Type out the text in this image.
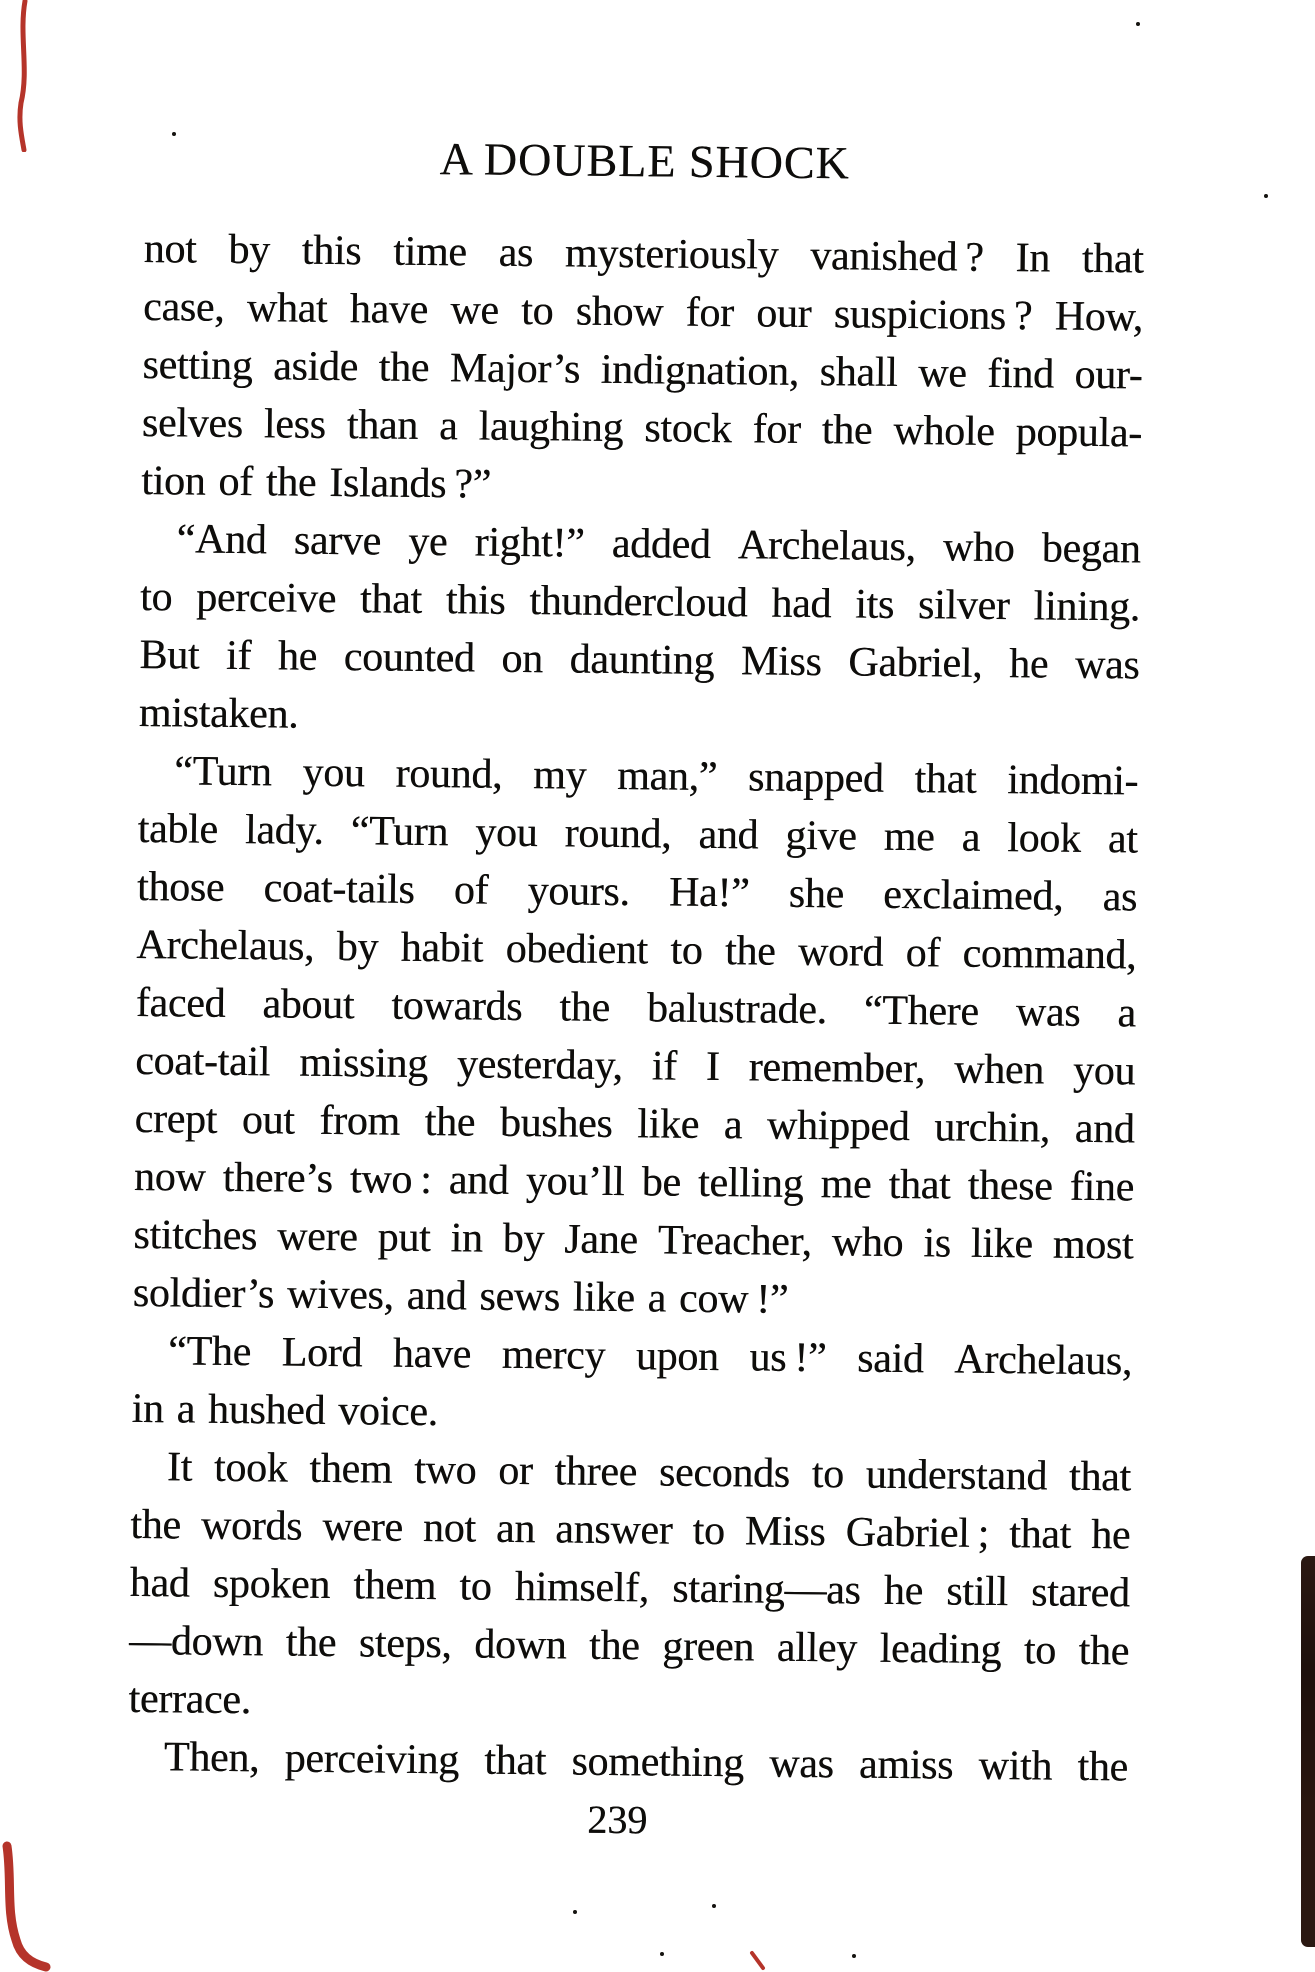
A DOUBLE SHOCK
not by this time as mysteriously vanished ? In that
case, what have we to show for our suspicions ? How,
setting aside the Major’s indignation, shall we find our-
selves less than a laughing stock for the whole popula-
tion of the Islands ?”
“And sarve ye right!” added Archelaus, who began
to perceive that this thundercloud had its silver lining.
But if he counted on daunting Miss Gabriel, he was
mistaken.
“Turn you round, my man,” snapped that indomi-
table lady. “Turn you round, and give me a look at
those coat-tails of yours. Ha!” she exclaimed, as
Archelaus, by habit obedient to the word of command,
faced about towards the balustrade. “There was a
coat-tail missing yesterday, if I remember, when you
crept out from the bushes like a whipped urchin, and
now there’s two : and you’ll be telling me that these fine
stitches were put in by Jane Treacher, who is like most
soldier’s wives, and sews like a cow !”
“The Lord have mercy upon us !” said Archelaus,
in a hushed voice.
It took them two or three seconds to understand that
the words were not an answer to Miss Gabriel ; that he
had spoken them to himself, staring—as he still stared
—down the steps, down the green alley leading to the
terrace.
Then, perceiving that something was amiss with the
239
